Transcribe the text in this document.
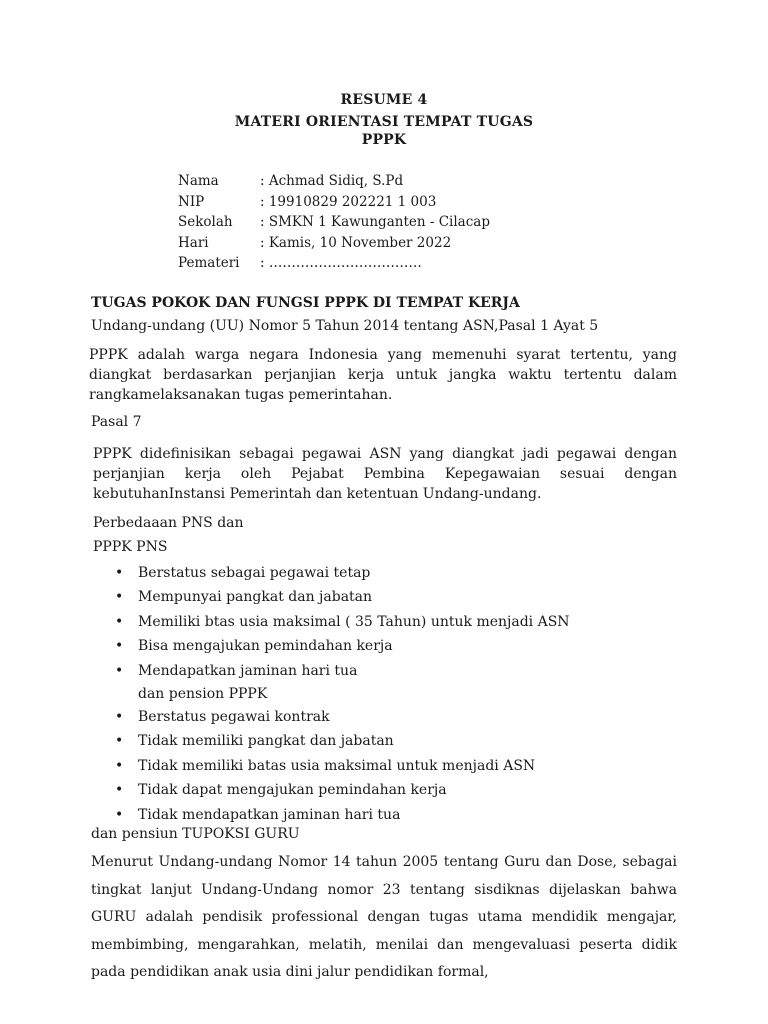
RESUME 4
MATERI ORIENTASI TEMPAT TUGAS
PPPK
Nama	: Achmad Sidiq, S.Pd
NIP	: 19910829 202221 1 003
Sekolah : SMKN 1 Kawunganten - Cilacap
Hari	: Kamis, 10 November 2022
Pemateri : …………………………….
TUGAS POKOK DAN FUNGSI PPPK DI TEMPAT KERJA
Undang-undang (UU) Nomor 5 Tahun 2014 tentang ASN,Pasal 1 Ayat 5
PPPK adalah warga negara Indonesia yang memenuhi syarat tertentu, yang diangkat berdasarkan perjanjian kerja untuk jangka waktu tertentu dalam rangkamelaksanakan tugas pemerintahan.
Pasal 7
PPPK didefinisikan sebagai pegawai ASN yang diangkat jadi pegawai dengan perjanjian kerja oleh Pejabat Pembina Kepegawaian sesuai dengan kebutuhanInstansi Pemerintah dan ketentuan Undang-undang.
Perbedaaan PNS dan
PPPK PNS
• Berstatus sebagai pegawai tetap
• Mempunyai pangkat dan jabatan
• Memiliki btas usia maksimal ( 35 Tahun) untuk menjadi ASN
• Bisa mengajukan pemindahan kerja
• Mendapatkan jaminan hari tua
dan pension PPPK
• Berstatus pegawai kontrak
• Tidak memiliki pangkat dan jabatan
• Tidak memiliki batas usia maksimal untuk menjadi ASN
• Tidak dapat mengajukan pemindahan kerja
• Tidak mendapatkan jaminan hari tua
dan pensiun TUPOKSI GURU
Menurut Undang-undang Nomor 14 tahun 2005 tentang Guru dan Dose, sebagai tingkat lanjut Undang-Undang nomor 23 tentang sisdiknas dijelaskan bahwa GURU adalah pendisik professional dengan tugas utama mendidik mengajar, membimbing, mengarahkan, melatih, menilai dan mengevaluasi peserta didik pada pendidikan anak usia dini jalur pendidikan formal,
